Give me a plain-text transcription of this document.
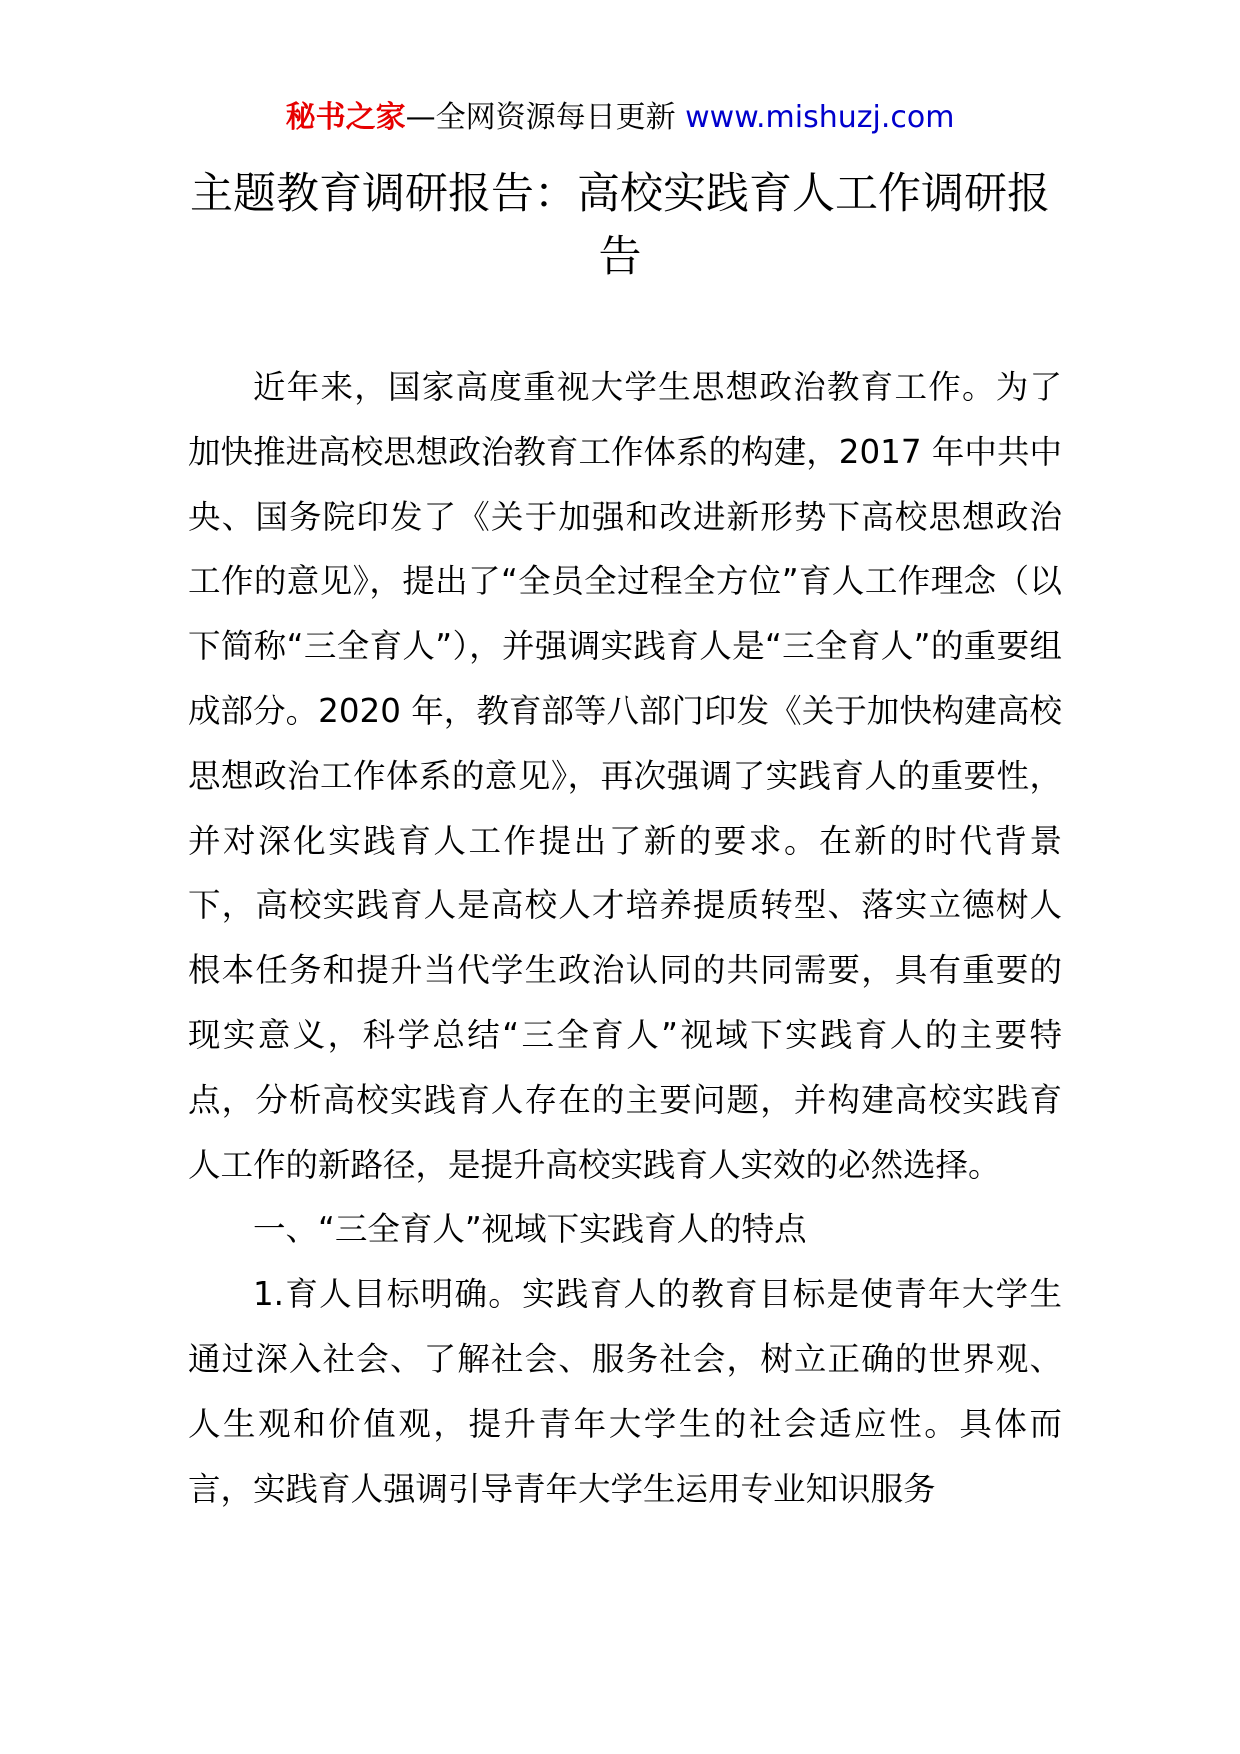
秘书之家—全网资源每日更新 www.mishuzj.com
主题教育调研报告：高校实践育人工作调研报告

近年来，国家高度重视大学生思想政治教育工作。为了加快推进高校思想政治教育工作体系的构建，2017 年中共中央、国务院印发了《关于加强和改进新形势下高校思想政治工作的意见》，提出了“全员全过程全方位”育人工作理念（以下简称“三全育人”），并强调实践育人是“三全育人”的重要组成部分。2020 年，教育部等八部门印发《关于加快构建高校思想政治工作体系的意见》，再次强调了实践育人的重要性，并对深化实践育人工作提出了新的要求。在新的时代背景下，高校实践育人是高校人才培养提质转型、落实立德树人根本任务和提升当代学生政治认同的共同需要，具有重要的现实意义，科学总结“三全育人”视域下实践育人的主要特点，分析高校实践育人存在的主要问题，并构建高校实践育人工作的新路径，是提升高校实践育人实效的必然选择。

一、“三全育人”视域下实践育人的特点

1.育人目标明确。实践育人的教育目标是使青年大学生通过深入社会、了解社会、服务社会，树立正确的世界观、人生观和价值观，提升青年大学生的社会适应性。具体而言，实践育人强调引导青年大学生运用专业知识服务
